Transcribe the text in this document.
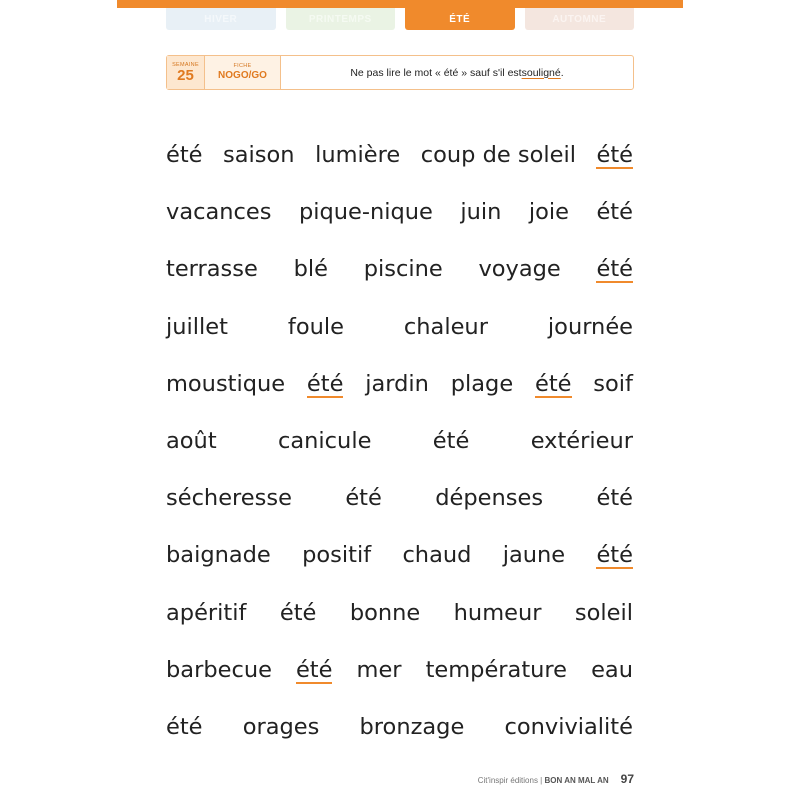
HIVER	PRINTEMPS	ÉTÉ	AUTOMNE
SEMAINE
25
FICHE
NOGO/GO	Ne pas lire le mot « été » sauf s'il est souligné .
été saison lumière coup de soleil été
vacances pique-nique juin joie été
terrasse blé piscine voyage été
juillet	foule	chaleur	journée
moustique été jardin plage été soif
août	canicule	été	extérieur
sécheresse été dépenses été
baignade positif chaud jaune été
apéritif été bonne humeur soleil
barbecue été mer température eau
été orages bronzage convivialité
Cit'inspir éditions | BON AN MAL AN 97
